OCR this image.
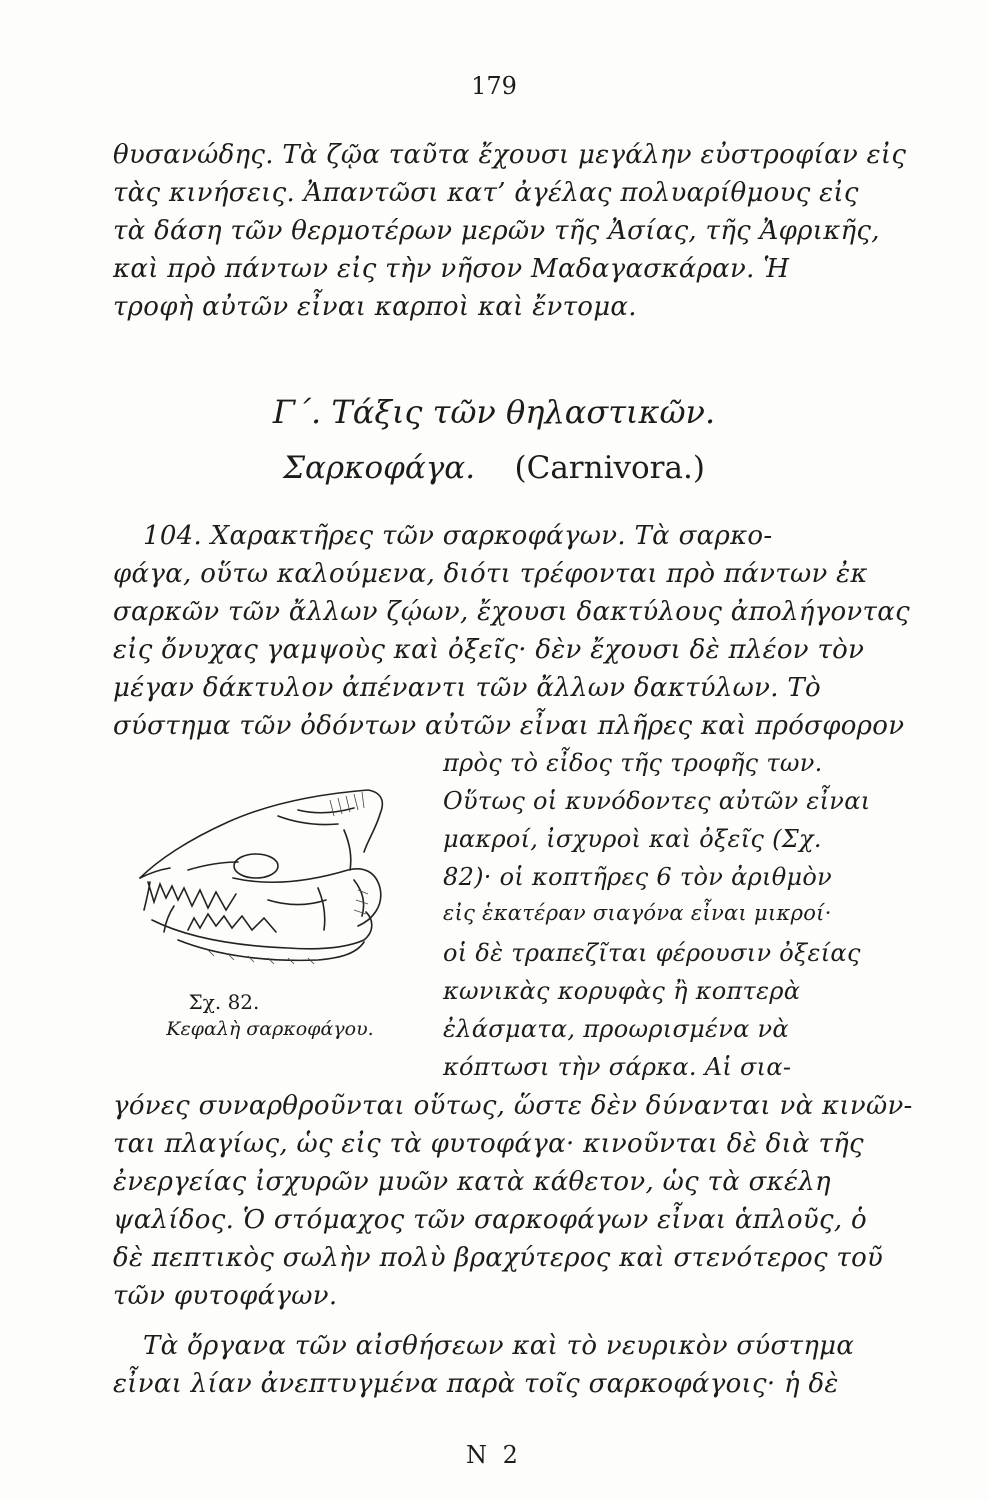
179
θυσανώδης. Τὰ ζῷα ταῦτα ἔχουσι μεγάλην εὐστροφίαν εἰς
τὰς κινήσεις. Ἀπαντῶσι κατ’ ἀγέλας πολυαρίθμους εἰς
τὰ δάση τῶν θερμοτέρων μερῶν τῆς Ἀσίας, τῆς Ἀφρικῆς,
καὶ πρὸ πάντων εἰς τὴν νῆσον Μαδαγασκάραν. Ἡ
τροφὴ αὐτῶν εἶναι καρποὶ καὶ ἔντομα.
Γ΄. Τάξις τῶν θηλαστικῶν.
Σαρκοφάγα. (Carnivora.)
104. Χαρακτῆρες τῶν σαρκοφάγων. Τὰ σαρκο-
φάγα, οὕτω καλούμενα, διότι τρέφονται πρὸ πάντων ἐκ
σαρκῶν τῶν ἄλλων ζῴων, ἔχουσι δακτύλους ἀπολήγοντας
εἰς ὄνυχας γαμψοὺς καὶ ὀξεῖς· δὲν ἔχουσι δὲ πλέον τὸν
μέγαν δάκτυλον ἀπέναντι τῶν ἄλλων δακτύλων. Τὸ
σύστημα τῶν ὀδόντων αὐτῶν εἶναι πλῆρες καὶ πρόσφορον
πρὸς τὸ εἶδος τῆς τροφῆς των.
Οὕτως οἱ κυνόδοντες αὐτῶν εἶναι
μακροί, ἰσχυροὶ καὶ ὀξεῖς (Σχ.
82)· οἱ κοπτῆρες 6 τὸν ἀριθμὸν
εἰς ἑκατέραν σιαγόνα εἶναι μικροί·
οἱ δὲ τραπεζῖται φέρουσιν ὀξείας
κωνικὰς κορυφὰς ἢ κοπτερὰ
ἐλάσματα, προωρισμένα νὰ
κόπτωσι τὴν σάρκα. Αἱ σια-
Σχ. 82.
Κεφαλὴ σαρκοφάγου.
γόνες συναρθροῦνται οὕτως, ὥστε δὲν δύνανται νὰ κινῶν-
ται πλαγίως, ὡς εἰς τὰ φυτοφάγα· κινοῦνται δὲ διὰ τῆς
ἐνεργείας ἰσχυρῶν μυῶν κατὰ κάθετον, ὡς τὰ σκέλη
ψαλίδος. Ὁ στόμαχος τῶν σαρκοφάγων εἶναι ἁπλοῦς, ὁ
δὲ πεπτικὸς σωλὴν πολὺ βραχύτερος καὶ στενότερος τοῦ
τῶν φυτοφάγων.
Τὰ ὄργανα τῶν αἰσθήσεων καὶ τὸ νευρικὸν σύστημα
εἶναι λίαν ἀνεπτυγμένα παρὰ τοῖς σαρκοφάγοις· ἡ δὲ
Ν 2
